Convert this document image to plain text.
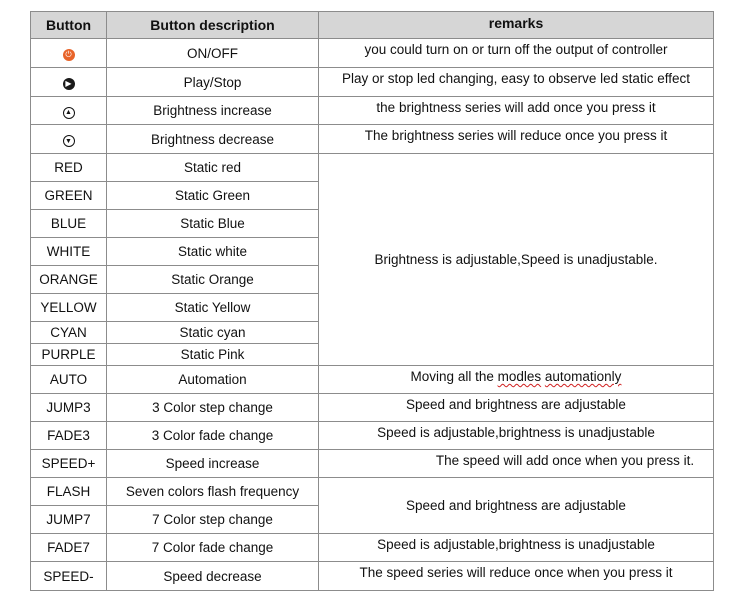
Button	Button description	remarks
⏻	ON/OFF	you could turn on or turn off the output of controller
▶	Play/Stop	Play or stop led changing, easy to observe led static effect
▲	Brightness increase	the brightness series will add once you press it
▼	Brightness decrease	The brightness series will reduce once you press it
RED	Static red	Brightness is adjustable,Speed is unadjustable.
GREEN	Static Green	
BLUE	Static Blue	
WHITE	Static white	
ORANGE	Static Orange	
YELLOW	Static Yellow	
CYAN	Static cyan	
PURPLE	Static Pink	
AUTO	Automation	Moving all the modles automationly
JUMP3	3 Color step change	Speed and brightness are adjustable
FADE3	3 Color fade change	Speed is adjustable,brightness is unadjustable
SPEED+	Speed increase	The speed will add once when you press it.
FLASH	Seven colors flash frequency	Speed and brightness are adjustable
JUMP7	7 Color step change	
FADE7	7 Color fade change	Speed is adjustable,brightness is unadjustable
SPEED-	Speed decrease	The speed series will reduce once when you press it
